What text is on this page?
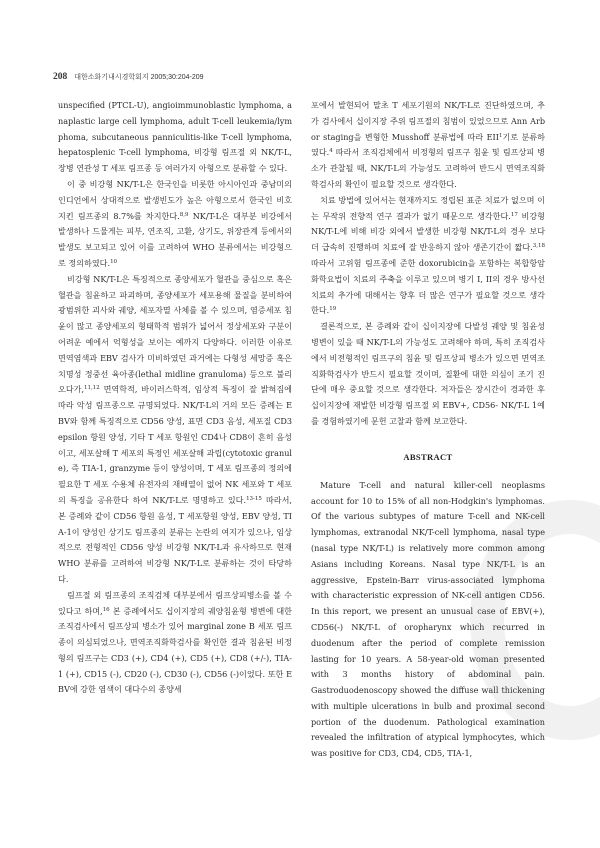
208 대한소화기내시경학회지 2005;30:204-209

unspecified (PTCL-U), angioimmunoblastic lymphoma, anaplastic large cell lymphoma, adult T-cell leukemia/lymphoma, subcutaneous panniculitis-like T-cell lymphoma, hepatosplenic T-cell lymphoma, 비강형 림프절 외 NK/T-L, 장병 연관성 T 세포 림프종 등 여러가지 아형으로 분류할 수 있다.

이 중 비강형 NK/T-L은 한국인을 비롯한 아시아인과 중남미의 인디언에서 상대적으로 발생빈도가 높은 아형으로서 한국인 비호지킨 림프종의 8.7%를 차지한다.$^{8,9}$ NK/T-L은 대부분 비강에서 발생하나 드물게는 피부, 연조직, 고환, 상기도, 위장관계 등에서의 발생도 보고되고 있어 이를 고려하여 WHO 분류에서는 비강형으로 정의하였다.$^{10}$

비강형 NK/T-L은 특징적으로 종양세포가 혈관을 중심으로 혹은 혈관을 침윤하고 파괴하며, 종양세포가 세포용해 물질을 분비하여 광범위한 괴사와 궤양, 세포자멸 사체를 볼 수 있으며, 염증세포 침윤이 많고 종양세포의 형태학적 범위가 넓어서 정상세포와 구분이 어려운 예에서 억형성을 보이는 예까지 다양하다. 이러한 이유로 면역염색과 EBV 검사가 미비하였던 과거에는 다형성 세망증 혹은 치명성 정중선 육아종(lethal midline granuloma) 등으로 불리오다가,$^{11,12}$ 면역학적, 바이러스학적, 임상적 특징이 잘 밝혀짐에 따라 악성 림프종으로 규명되었다. NK/T-L의 거의 모든 증례는 EBV와 함께 특징적으로 CD56 양성, 표면 CD3 음성, 세포질 CD3 epsilon 항원 양성, 기타 T 세포 항원인 CD4나 CD8이 흔히 음성이고, 세포살해 T 세포의 특정인 세포살해 과립(cytotoxic granule), 즉 TIA-1, granzyme 등이 양성이며, T 세포 림프종의 정의에 필요한 T 세포 수용체 유전자의 재배열이 없어 NK 세포와 T 세포의 특징을 공유한다 하여 NK/T-L로 명명하고 있다.$^{13-15}$ 따라서, 본 증례와 같이 CD56 항원 음성, T 세포항원 양성, EBV 양성, TIA-1이 양성인 상기도 림프종의 분류는 논란의 여지가 있으나, 임상적으로 전형적인 CD56 양성 비강형 NK/T-L과 유사하므로 현재 WHO 분류를 고려하여 비강형 NK/T-L로 분류하는 것이 타당하다.

림프절 외 림프종의 조직검체 대부분에서 림프상피병소를 볼 수 있다고 하며,$^{16}$ 본 증례에서도 십이지장의 궤양침윤형 병변에 대한 조직검사에서 림프상피 병소가 있어 marginal zone B 세포 림프종이 의심되었으나, 면역조직화학검사를 확인한 결과 침윤된 비정형의 림프구는 CD3 (+), CD4 (+), CD5 (+), CD8 (+/-), TIA-1 (+), CD15 (-), CD20 (-), CD30 (-), CD56 (-)이었다. 또한 EBV에 강한 염색이 대다수의 종양세

포에서 발현되어 말초 T 세포기원의 NK/T-L로 진단하였으며, 추가 검사에서 십이지장 주위 림프절의 침범이 있었으므로 Ann Arbor staging을 변형한 Musshoff 분류법에 따라 EII$^1$기로 분류하였다.$^4$ 따라서 조직검체에서 비정형의 림프구 침윤 및 림프상피 병소가 관찰될 때, NK/T-L의 가능성도 고려하여 반드시 면역조직화학검사의 확인이 필요할 것으로 생각한다.

치료 방법에 있어서는 현재까지도 정립된 표준 치료가 없으며 이는 무작위 전향적 연구 결과가 없기 때문으로 생각한다.$^{17}$ 비강형 NK/T-L에 비해 비강 외에서 발생한 비강형 NK/T-L의 경우 보다 더 급속히 진행하며 치료에 잘 반응하지 않아 생존기간이 짧다.$^{3,18}$ 따라서 고위험 림프종에 준한 doxorubicin을 포함하는 복합항암화학요법이 치료의 주축을 이루고 있으며 병기 I, II의 경우 방사선 치료의 추가에 대해서는 향후 더 많은 연구가 필요할 것으로 생각한다.$^{19}$

결론적으로, 본 증례와 같이 십이지장에 다발성 궤양 및 침윤성 병변이 있을 때 NK/T-L의 가능성도 고려해야 하며, 특히 조직검사에서 비전형적인 림프구의 침윤 및 림프상피 병소가 있으면 면역조직화학검사가 반드시 필요할 것이며, 질환에 대한 의심이 조기 진단에 매우 중요할 것으로 생각한다. 저자들은 장시간이 경과한 후 십이지장에 재발한 비강형 림프절 외 EBV+, CD56- NK/T-L 1예를 경험하였기에 문헌 고찰과 함께 보고한다.

ABSTRACT

Mature T-cell and natural killer-cell neoplasms account for 10 to 15% of all non-Hodgkin's lymphomas. Of the various subtypes of mature T-cell and NK-cell lymphomas, extranodal NK/T-cell lymphoma, nasal type (nasal type NK/T-L) is relatively more common among Asians including Koreans. Nasal type NK/T-L is an aggressive, Epstein-Barr virus-associated lymphoma with characteristic expression of NK-cell antigen CD56. In this report, we present an unusual case of EBV(+), CD56(-) NK/T-L of oropharynx which recurred in duodenum after the period of complete remission lasting for 10 years. A 58-year-old woman presented with 3 months history of abdominal pain. Gastroduodenoscopy showed the diffuse wall thickening with multiple ulcerations in bulb and proximal second portion of the duodenum. Pathological examination revealed the infiltration of atypical lymphocytes, which was positive for CD3, CD4, CD5, TIA-1,
